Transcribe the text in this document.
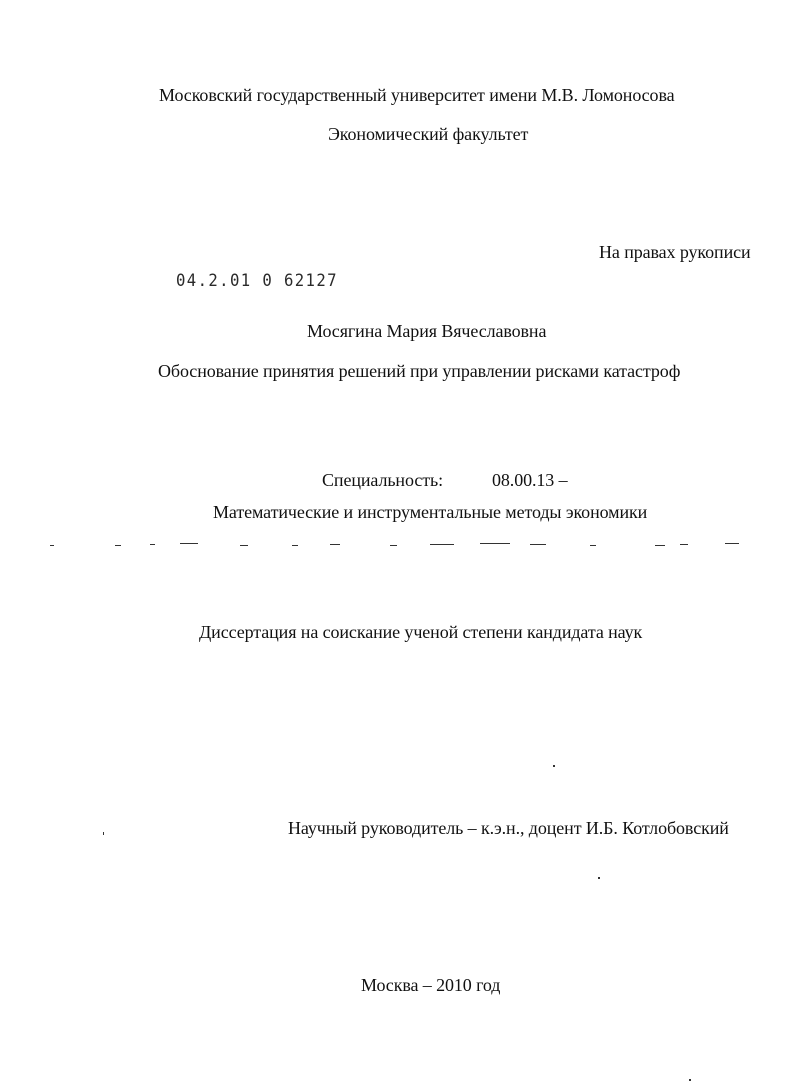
Московский государственный университет имени М.В. Ломоносова
Экономический факультет
На правах рукописи
04.2.01 0 62127
Мосягина Мария Вячеславовна
Обоснование принятия решений при управлении рисками катастроф
Специальность:	08.00.13 –
Математические и инструментальные методы экономики
Диссертация на соискание ученой степени кандидата наук
Научный руководитель – к.э.н., доцент И.Б. Котлобовский
Москва – 2010 год
